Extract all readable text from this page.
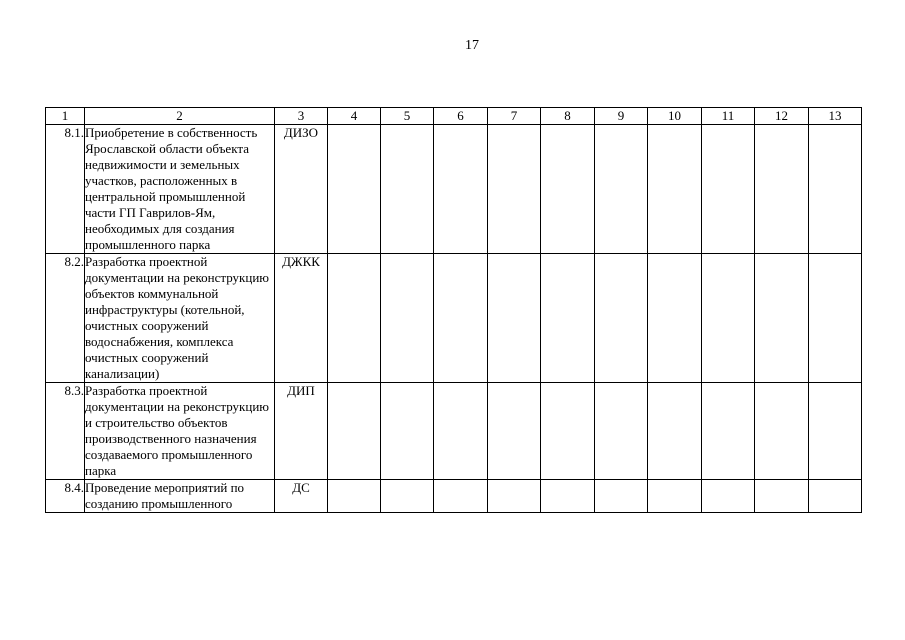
17
1	2	3	4	5	6	7	8	9	10	11	12	13
8.1.	Приобретение в собственность Ярославской области объекта недвижимости и земельных участков, расположенных в центральной промышленной части ГП Гаврилов-Ям, необходимых для создания промышленного парка	ДИЗО										
8.2.	Разработка проектной документации на реконструкцию объектов коммунальной инфраструктуры (котельной, очистных сооружений водоснабжения, комплекса очистных сооружений канализации)	ДЖКК										
8.3.	Разработка проектной документации на реконструкцию и строительство объектов производственного назначения создаваемого промышленного парка	ДИП										
8.4.	Проведение мероприятий по созданию промышленного	ДС										
